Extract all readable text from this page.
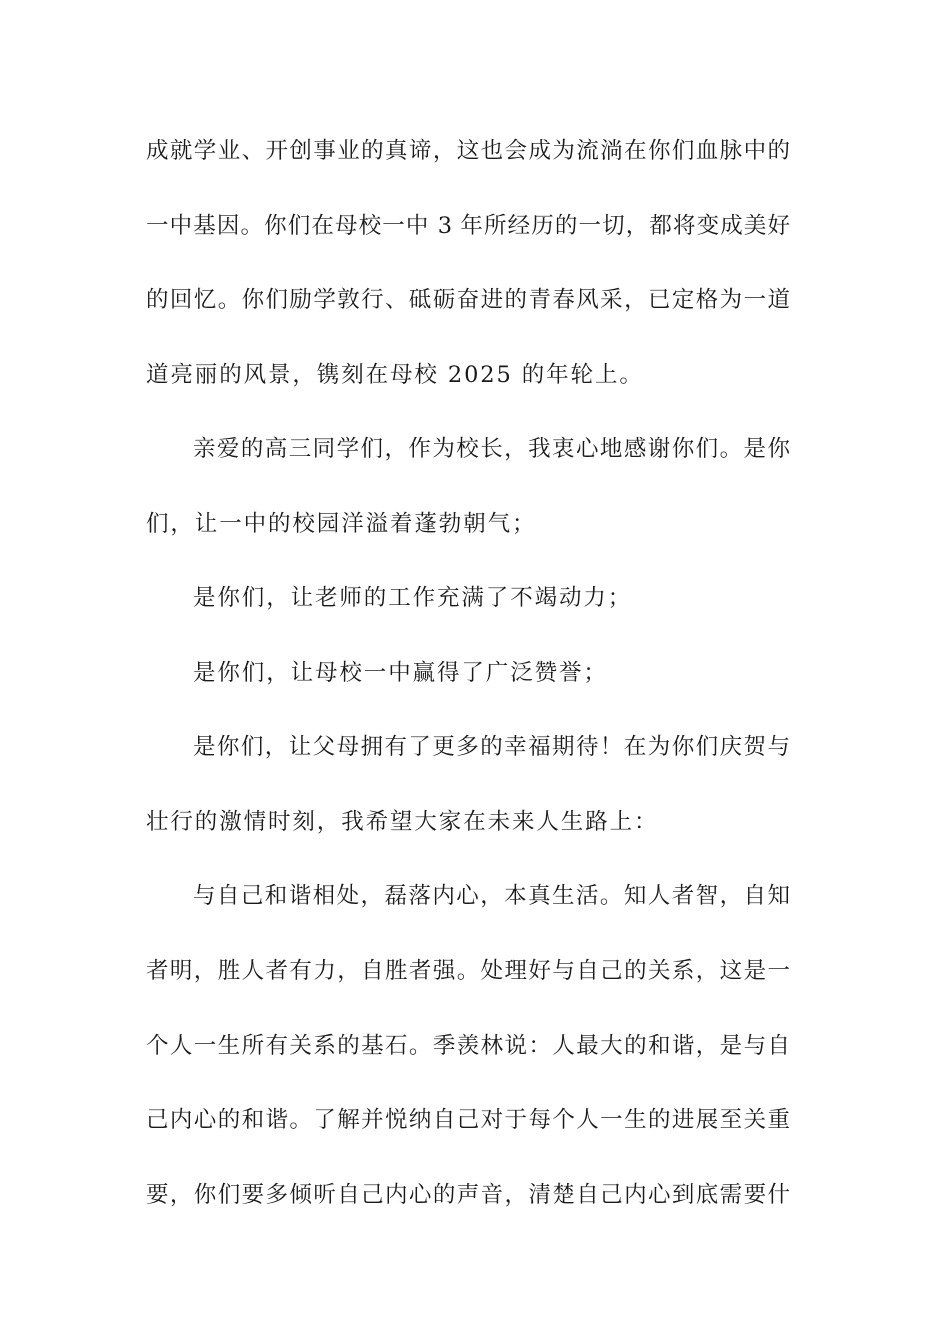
成就学业、开创事业的真谛，这也会成为流淌在你们血脉中的
一中基因。你们在母校一中 3 年所经历的一切，都将变成美好
的回忆。你们励学敦行、砥砺奋进的青春风采，已定格为一道
道亮丽的风景，镌刻在母校 2025 的年轮上。
亲爱的高三同学们，作为校长，我衷心地感谢你们。是你
们，让一中的校园洋溢着蓬勃朝气；
是你们，让老师的工作充满了不竭动力；
是你们，让母校一中赢得了广泛赞誉；
是你们，让父母拥有了更多的幸福期待！在为你们庆贺与
壮行的激情时刻，我希望大家在未来人生路上：
与自己和谐相处，磊落内心，本真生活。知人者智，自知
者明，胜人者有力，自胜者强。处理好与自己的关系，这是一
个人一生所有关系的基石。季羡林说：人最大的和谐，是与自
己内心的和谐。了解并悦纳自己对于每个人一生的进展至关重
要，你们要多倾听自己内心的声音，清楚自己内心到底需要什
